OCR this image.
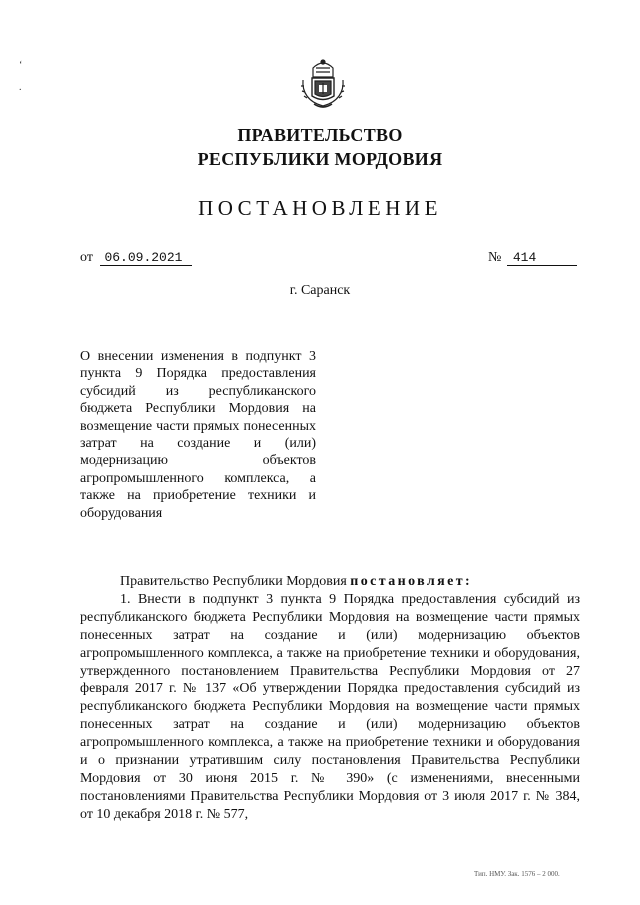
‘
.
ПРАВИТЕЛЬСТВО
РЕСПУБЛИКИ МОРДОВИЯ
ПОСТАНОВЛЕНИЕ
от 06.09.2021	№ 414
г. Саранск
О внесении изменения в подпункт 3 пункта 9 Порядка предоставления субсидий из республиканского бюджета Республики Мордовия на возмещение части прямых понесенных затрат на создание и (или) модернизацию объектов агропромышленного комплекса, а также на приобретение техники и оборудования

Правительство Республики Мордовия постановляет:

1. Внести в подпункт 3 пункта 9 Порядка предоставления субсидий из республиканского бюджета Республики Мордовия на возмещение части прямых понесенных затрат на создание и (или) модернизацию объектов агропромышленного комплекса, а также на приобретение техники и оборудования, утвержденного постановлением Правительства Республики Мордовия от 27 февраля 2017 г. № 137 «Об утверждении Порядка предоставления субсидий из республиканского бюджета Республики Мордовия на возмещение части прямых понесенных затрат на создание и (или) модернизацию объектов агропромышленного комплекса, а также на приобретение техники и оборудования и о признании утратившим силу постановления Правительства Республики Мордовия от 30 июня 2015 г. № 390» (с изменениями, внесенными постановлениями Правительства Республики Мордовия от 3 июля 2017 г. № 384, от 10 декабря 2018 г. № 577,

Тип. НМУ. Зак. 1576 – 2 000.
